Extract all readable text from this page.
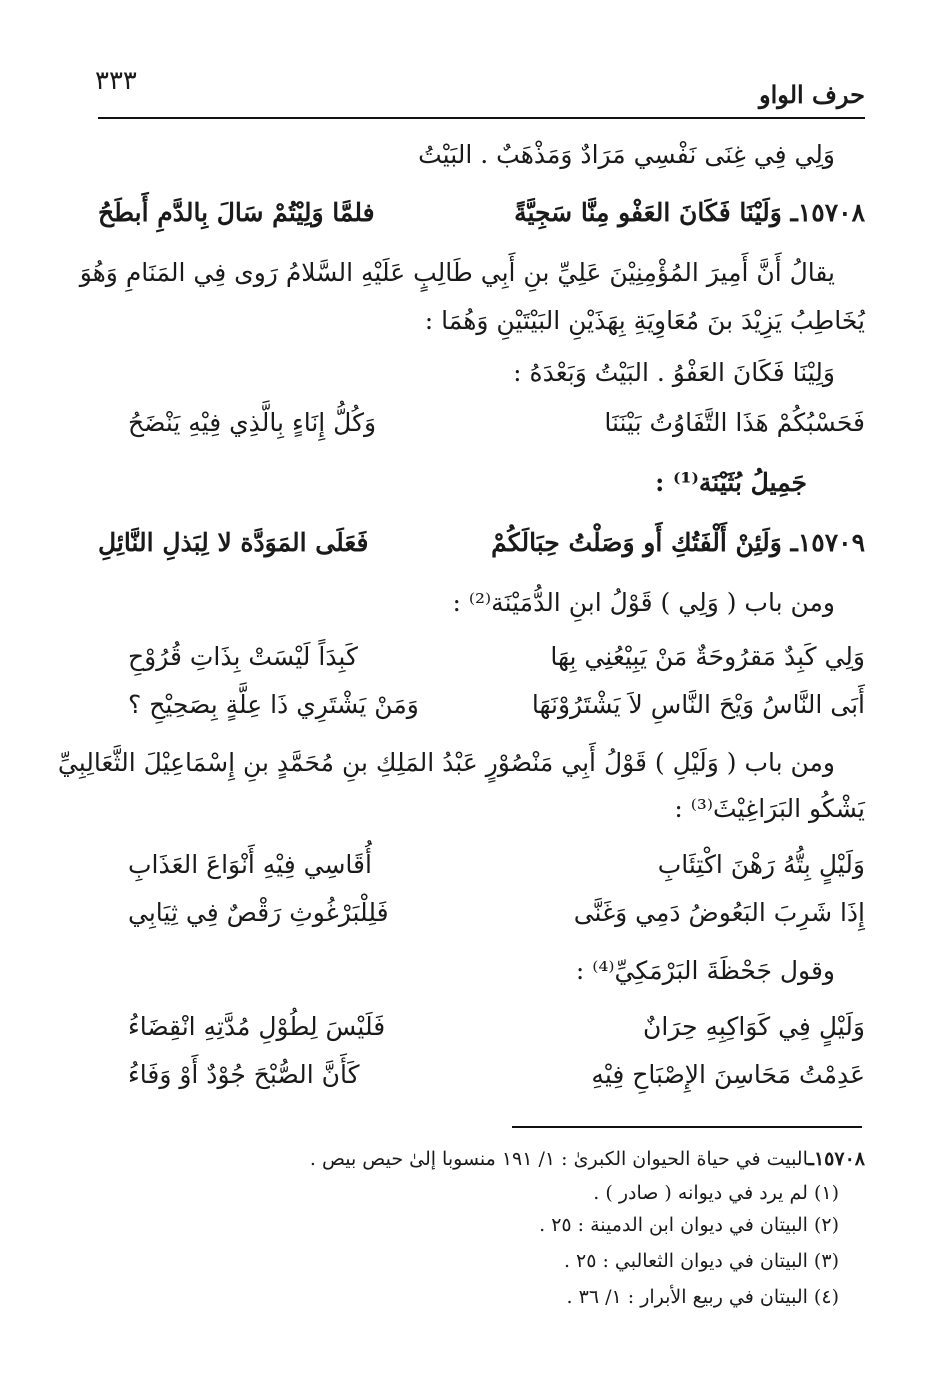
حرف الواو
٣٣٣
وَلِي فِي غِنَى نَفْسِي مَرَادٌ وَمَذْهَبٌ . البَيْتُ
١٥٧٠٨ـ وَلَيْنَا فَكَانَ العَفْو مِنَّا سَجِيَّةً
فلمَّا وَلِيْتُمْ سَالَ بِالدَّمِ أَبطَحُ
يقالُ أَنَّ أَمِيرَ المُؤْمِنِيْنَ عَلِيِّ بنِ أَبِي طَالِبٍ عَلَيْهِ السَّلامُ رَوى فِي المَنَامِ وَهُوَ
يُخَاطِبُ يَزِيْدَ بنَ مُعَاوِيَةِ بِهَذَيْنِ البَيْتَيْنِ وَهُمَا :
وَلِيْنَا فَكَانَ العَفْوُ . البَيْتُ وَبَعْدَهُ :
فَحَسْبُكُمْ هَذَا التَّفَاوُتُ بَيْنَنَا
وَكُلُّ إِنَاءٍ بِالَّذِي فِيْهِ يَنْضَحُ
جَمِيلُ بُثَيْنَة⁽¹⁾ :
١٥٧٠٩ـ وَلَئِنْ أَلْفَتُكِ أَو وَصَلْتُ حِبَالَكُمْ
فَعَلَى المَوَدَّة لا لِبَذلِ النَّائِلِ
ومن باب ( وَلِي ) قَوْلُ ابنِ الدُّمَيْنَة⁽²⁾ :
وَلِي كَبِدٌ مَقرُوحَةٌ مَنْ يَبِيْعُنِي بِهَا
كَبِدَاً لَيْسَتْ بِذَاتِ قُرُوْحِ
أَبَى النَّاسُ وَيْحَ النَّاسِ لاَ يَشْتَرُوْنَهَا
وَمَنْ يَشْتَرِي ذَا عِلَّةٍ بِصَحِيْحِ ؟
ومن باب ( وَلَيْلِ ) قَوْلُ أَبِي مَنْصُوْرٍ عَبْدُ المَلِكِ بنِ مُحَمَّدٍ بنِ إِسْمَاعِيْلَ الثَّعَالِبِيِّ
يَشْكُو البَرَاغِيْثَ⁽³⁾ :
وَلَيْلٍ بِتُّهُ رَهْنَ اكْتِئَابِ
أُقَاسِي فِيْهِ أَنْوَاعَ العَذَابِ
إِذَا شَرِبَ البَعُوضُ دَمِي وَغَنَّى
فَلِلْبَرْغُوثِ رَقْصٌ فِي ثِيَابِي
وقول جَحْظَةَ البَرْمَكِيِّ⁽⁴⁾ :
وَلَيْلٍ فِي كَوَاكِبِهِ حِرَانٌ
فَلَيْسَ لِطُوْلِ مُدَّتِهِ انْقِضَاءُ
عَدِمْتُ مَحَاسِنَ الإِصْبَاحِ فِيْهِ
كَأَنَّ الصُّبْحَ جُوْدٌ أَوْ وَفَاءُ
١٥٧٠٨ـالبيت في حياة الحيوان الكبرىٰ : ١/ ١٩١ منسوبا إلىٰ حيص بيص .
(١) لم يرد في ديوانه ( صادر ) .
(٢) البيتان في ديوان ابن الدمينة : ٢٥ .
(٣) البيتان في ديوان الثعالبي : ٢٥ .
(٤) البيتان في ربيع الأبرار : ١/ ٣٦ .
